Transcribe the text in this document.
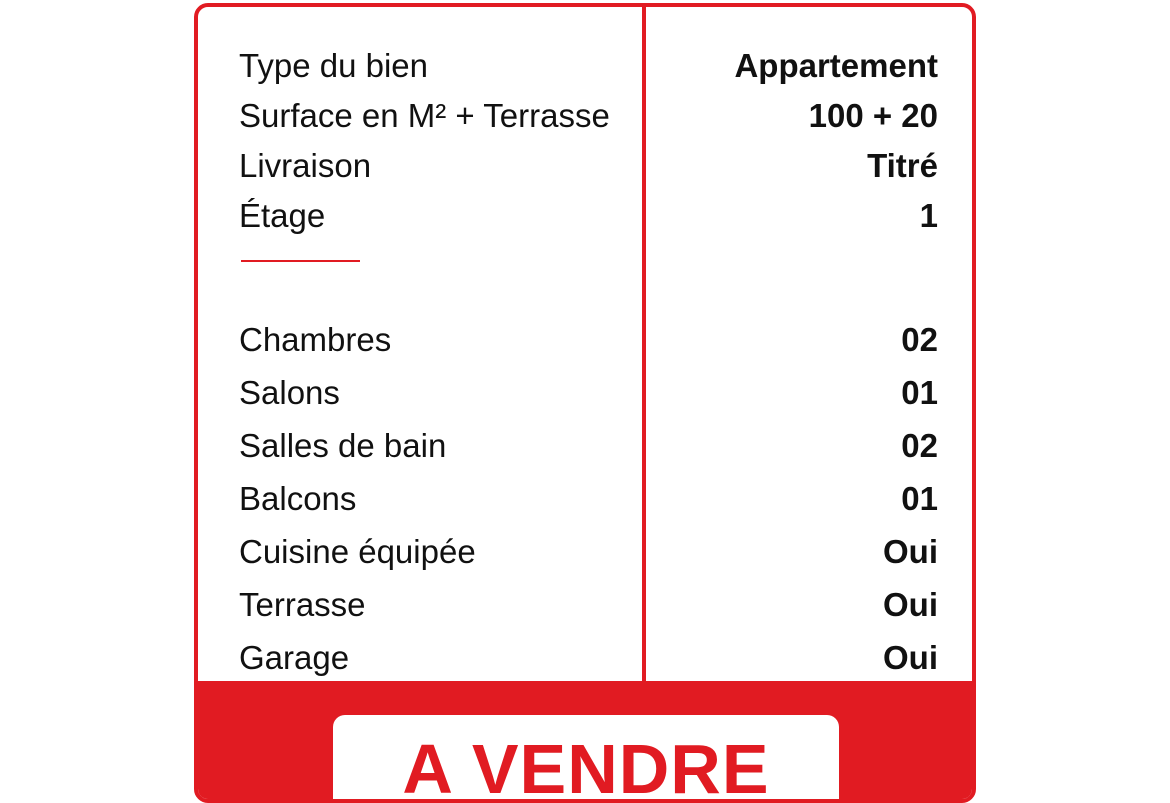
Type du bien
Surface en M² + Terrasse
Livraison
Étage
Chambres
Salons
Salles de bain
Balcons
Cuisine équipée
Terrasse
Garage
Appartement
100 + 20
Titré
1
02
01
02
01
Oui
Oui
Oui
A VENDRE
